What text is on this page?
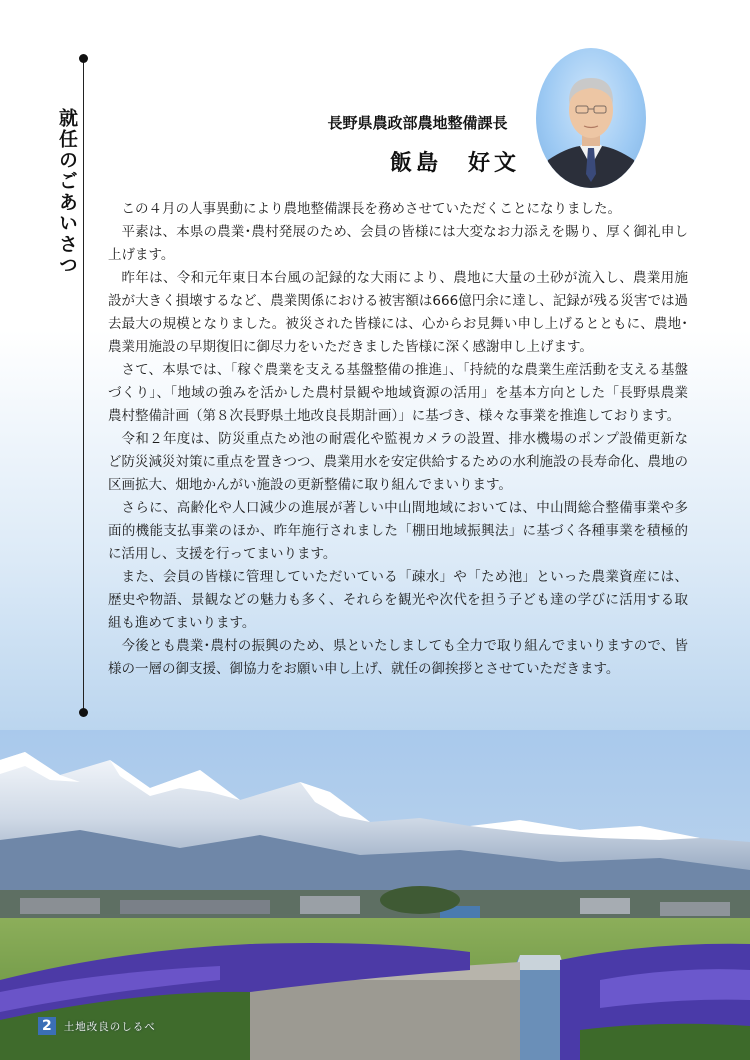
就任のごあいさつ	長野県農政部農地整備課長
飯島　好文

この４月の人事異動により農地整備課長を務めさせていただくことになりました。

平素は、本県の農業･農村発展のため、会員の皆様には大変なお力添えを賜り、厚く御礼申し上げます。

昨年は、令和元年東日本台風の記録的な大雨により、農地に大量の土砂が流入し、農業用施設が大きく損壊するなど、農業関係における被害額は666億円余に達し、記録が残る災害では過去最大の規模となりました。被災された皆様には、心からお見舞い申し上げるとともに、農地･農業用施設の早期復旧に御尽力をいただきました皆様に深く感謝申し上げます。

さて、本県では、「稼ぐ農業を支える基盤整備の推進」、「持続的な農業生産活動を支える基盤づくり」、「地域の強みを活かした農村景観や地域資源の活用」を基本方向とした「長野県農業農村整備計画（第８次長野県土地改良長期計画）」に基づき、様々な事業を推進しております。

令和２年度は、防災重点ため池の耐震化や監視カメラの設置、排水機場のポンプ設備更新など防災減災対策に重点を置きつつ、農業用水を安定供給するための水利施設の長寿命化、農地の区画拡大、畑地かんがい施設の更新整備に取り組んでまいります。

さらに、高齢化や人口減少の進展が著しい中山間地域においては、中山間総合整備事業や多面的機能支払事業のほか、昨年施行されました「棚田地域振興法」に基づく各種事業を積極的に活用し、支援を行ってまいります。

また、会員の皆様に管理していただいている「疎水」や「ため池」といった農業資産には、歴史や物語、景観などの魅力も多く、それらを観光や次代を担う子ども達の学びに活用する取組も進めてまいります。

今後とも農業･農村の振興のため、県といたしましても全力で取り組んでまいりますので、皆様の一層の御支援、御協力をお願い申し上げ、就任の御挨拶とさせていただきます。

2	土地改良のしるべ
